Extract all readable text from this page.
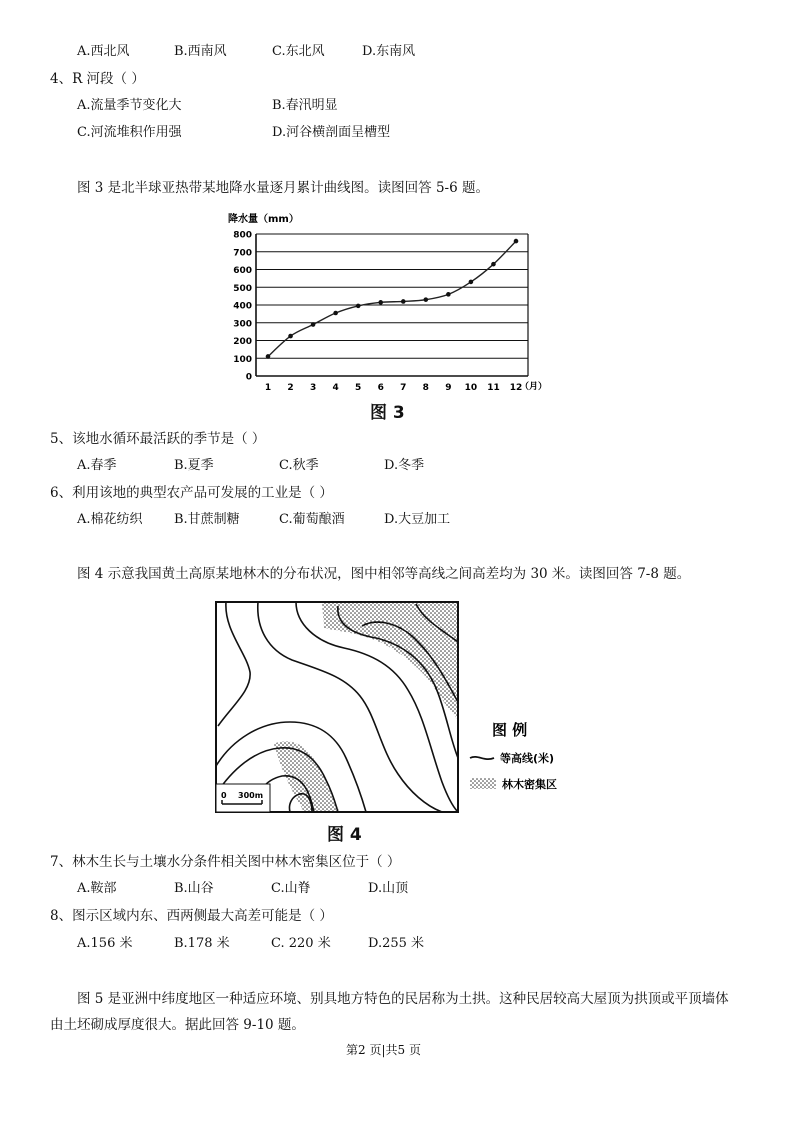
A.西北风	B.西南风	C.东北风	D.东南风
4、R 河段（ ）
A.流量季节变化大	B.春汛明显
C.河流堆积作用强	D.河谷横剖面呈槽型
图 3 是北半球亚热带某地降水量逐月累计曲线图。读图回答 5-6 题。
降水量（mm）
0
100
200
300
400
500
600
700
800
1 2 3 4 5 6 7 8 9 10 11 12
（月）
图 3
5、该地水循环最活跃的季节是（ ）
A.春季	B.夏季	C.秋季	D.冬季
6、利用该地的典型农产品可发展的工业是（ ）
A.棉花纺织 B.甘蔗制糖	C.葡萄酿酒	D.大豆加工
图 4 示意我国黄土高原某地林木的分布状况，图中相邻等高线之间高差均为 30 米。读图回答 7-8 题。
0 300m
图 例
等高线(米)
林木密集区
图 4
7、林木生长与土壤水分条件相关图中林木密集区位于（ ）
A.鞍部	B.山谷	C.山脊	D.山顶
8、图示区域内东、西两侧最大高差可能是（ ）
A.156 米	B.178 米	C. 220 米	D.255 米
图 5 是亚洲中纬度地区一种适应环境、别具地方特色的民居称为土拱。这种民居较高大屋顶为拱顶或平顶墙体
由土坯砌成厚度很大。据此回答 9-10 题。
第2 页|共5 页
